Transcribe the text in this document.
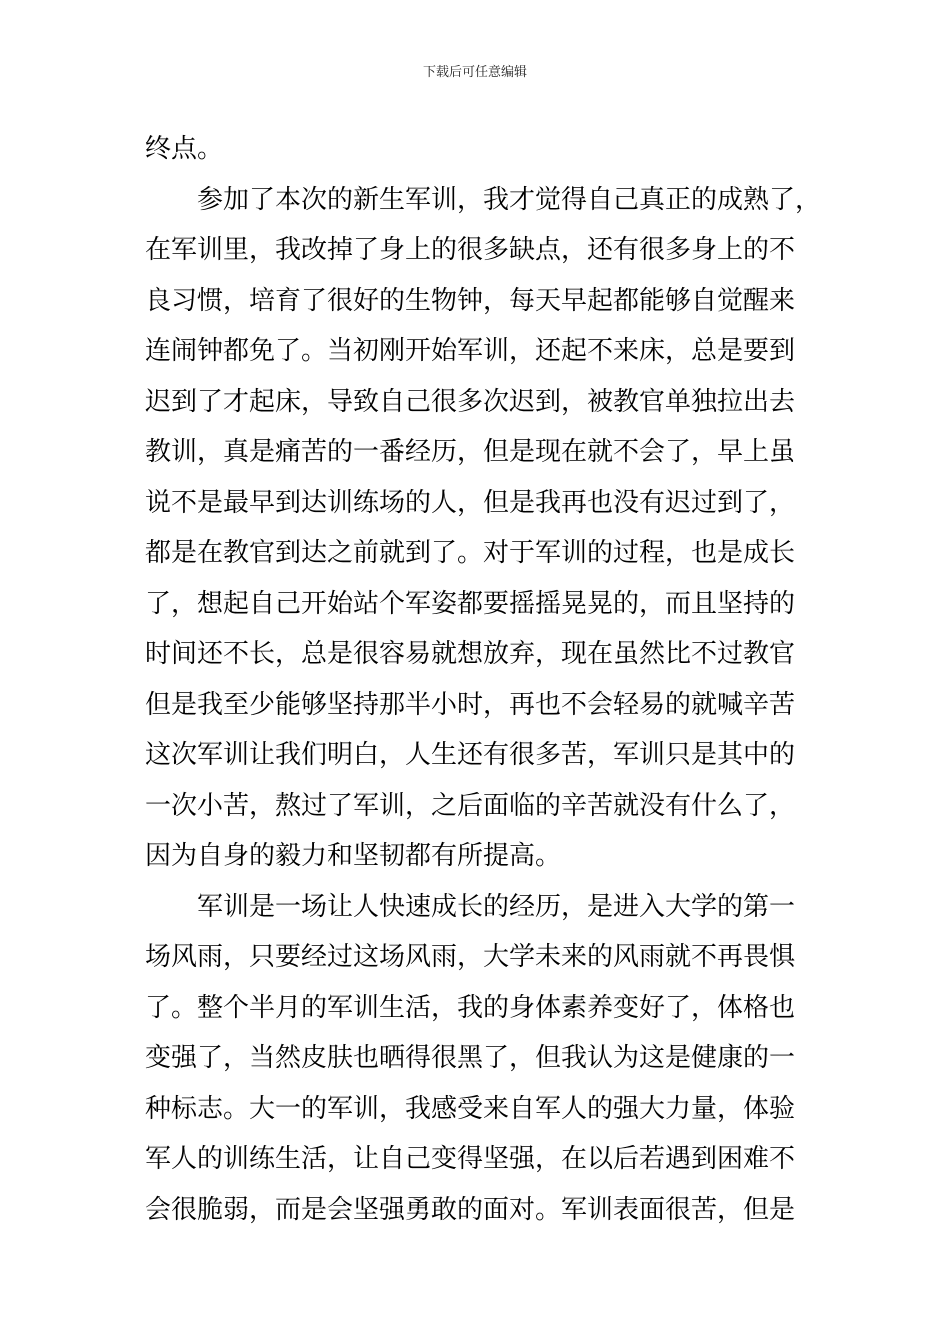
下载后可任意编辑
终点。
参加了本次的新生军训，我才觉得自己真正的成熟了，
在军训里，我改掉了身上的很多缺点，还有很多身上的不
良习惯，培育了很好的生物钟，每天早起都能够自觉醒来
连闹钟都免了。当初刚开始军训，还起不来床，总是要到
迟到了才起床，导致自己很多次迟到，被教官单独拉出去
教训，真是痛苦的一番经历，但是现在就不会了，早上虽
说不是最早到达训练场的人，但是我再也没有迟过到了，
都是在教官到达之前就到了。对于军训的过程，也是成长
了，想起自己开始站个军姿都要摇摇晃晃的，而且坚持的
时间还不长，总是很容易就想放弃，现在虽然比不过教官
但是我至少能够坚持那半小时，再也不会轻易的就喊辛苦
这次军训让我们明白，人生还有很多苦，军训只是其中的
一次小苦，熬过了军训，之后面临的辛苦就没有什么了，
因为自身的毅力和坚韧都有所提高。
军训是一场让人快速成长的经历，是进入大学的第一
场风雨，只要经过这场风雨，大学未来的风雨就不再畏惧
了。整个半月的军训生活，我的身体素养变好了，体格也
变强了，当然皮肤也晒得很黑了，但我认为这是健康的一
种标志。大一的军训，我感受来自军人的强大力量，体验
军人的训练生活，让自己变得坚强，在以后若遇到困难不
会很脆弱，而是会坚强勇敢的面对。军训表面很苦，但是
